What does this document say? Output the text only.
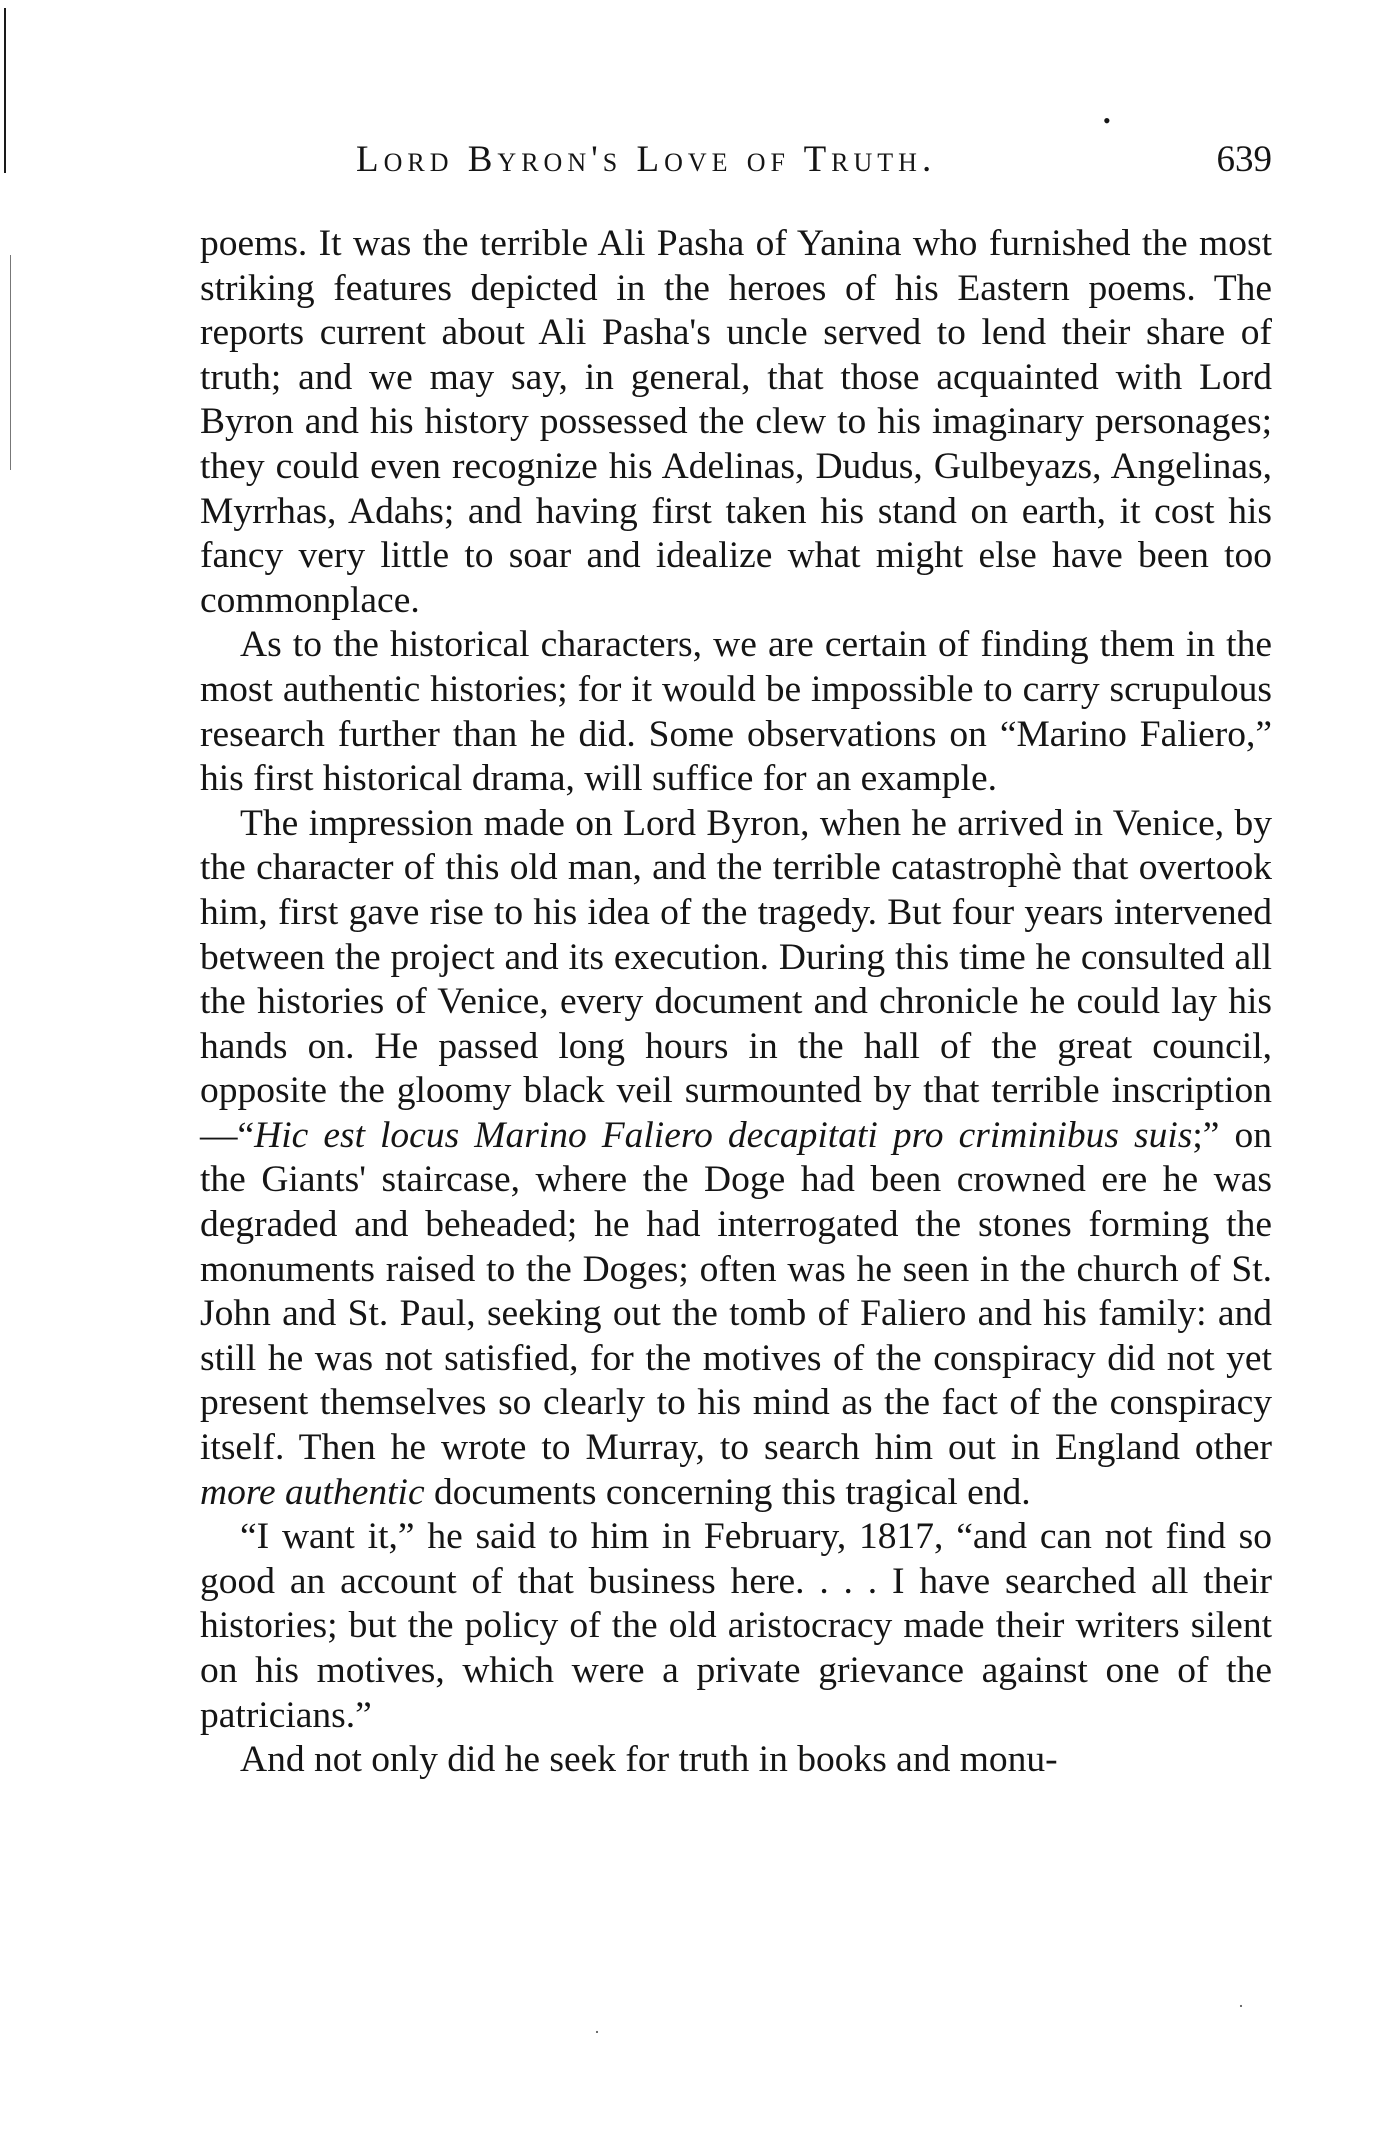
•
Lord Byron's Love of Truth.	639

poems. It was the terrible Ali Pasha of Yanina who furnished the most striking features depicted in the heroes of his Eastern poems. The reports current about Ali Pasha's uncle served to lend their share of truth; and we may say, in general, that those acquainted with Lord Byron and his history possessed the clew to his imaginary personages; they could even recognize his Adelinas, Dudus, Gulbeyazs, Angelinas, Myrrhas, Adahs; and having first taken his stand on earth, it cost his fancy very little to soar and idealize what might else have been too commonplace.

As to the historical characters, we are certain of finding them in the most authentic histories; for it would be impossible to carry scrupulous research further than he did. Some observations on “Marino Faliero,” his first historical drama, will suffice for an example.

The impression made on Lord Byron, when he arrived in Venice, by the character of this old man, and the terrible catastrophè that overtook him, first gave rise to his idea of the tragedy. But four years intervened between the project and its execution. During this time he consulted all the histories of Venice, every document and chronicle he could lay his hands on. He passed long hours in the hall of the great council, opposite the gloomy black veil surmounted by that terrible inscription—“Hic est locus Marino Faliero decapitati pro criminibus suis;” on the Giants' staircase, where the Doge had been crowned ere he was degraded and beheaded; he had interrogated the stones forming the monuments raised to the Doges; often was he seen in the church of St. John and St. Paul, seeking out the tomb of Faliero and his family: and still he was not satisfied, for the motives of the conspiracy did not yet present themselves so clearly to his mind as the fact of the conspiracy itself. Then he wrote to Murray, to search him out in England other more authentic documents concerning this tragical end.

“I want it,” he said to him in February, 1817, “and can not find so good an account of that business here. . . . I have searched all their histories; but the policy of the old aristocracy made their writers silent on his motives, which were a private grievance against one of the patricians.”

And not only did he seek for truth in books and monu-

·
·
